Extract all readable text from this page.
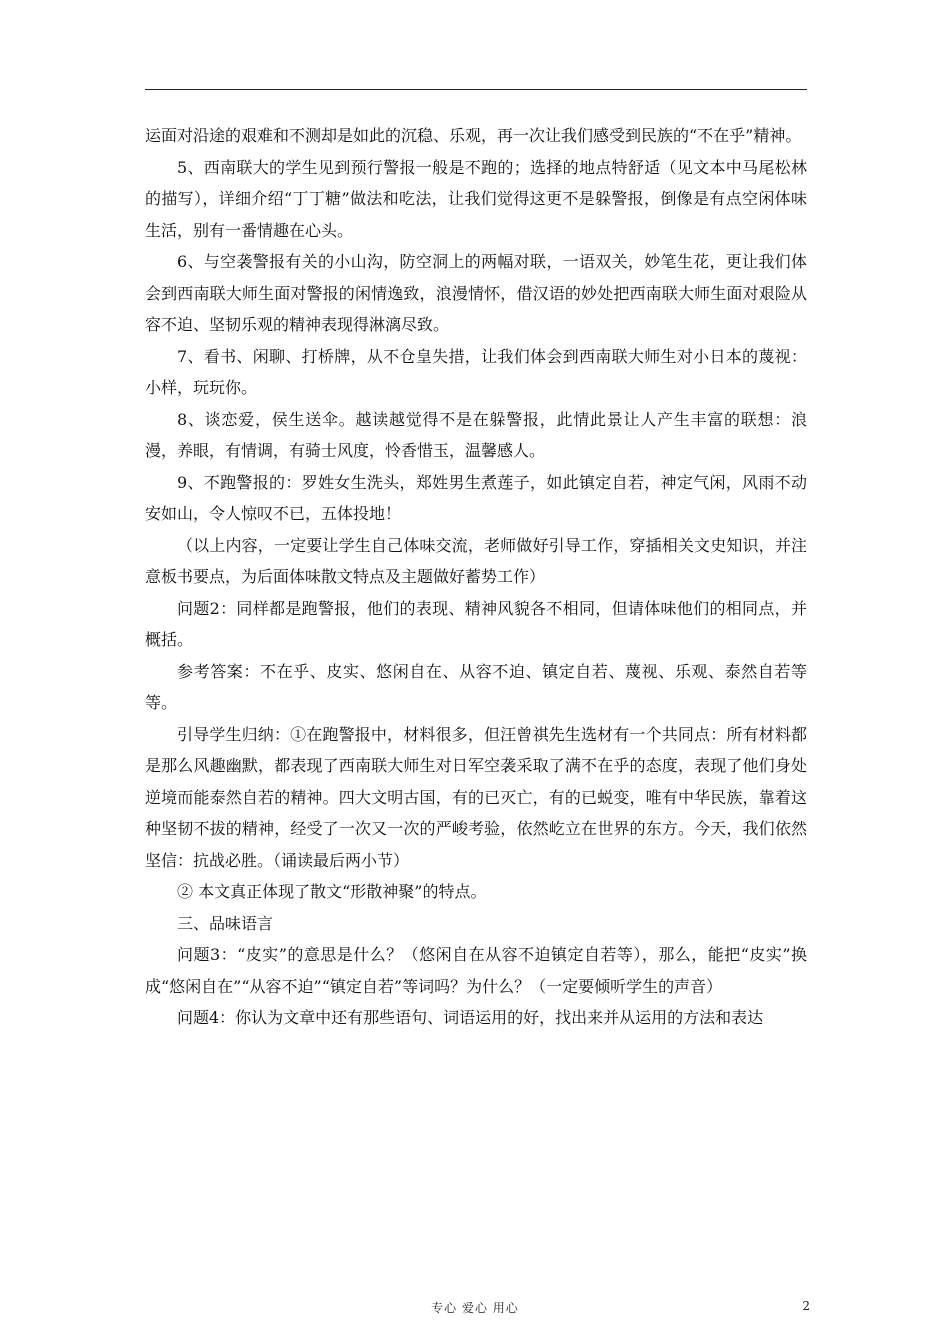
运面对沿途的艰难和不测却是如此的沉稳、乐观，再一次让我们感受到民族的“不在乎”精神。

5、西南联大的学生见到预行警报一般是不跑的；选择的地点特舒适（见文本中马尾松林的描写），详细介绍“丁丁糖”做法和吃法，让我们觉得这更不是躲警报，倒像是有点空闲体味生活，别有一番情趣在心头。

6、与空袭警报有关的小山沟，防空洞上的两幅对联，一语双关，妙笔生花，更让我们体会到西南联大师生面对警报的闲情逸致，浪漫情怀，借汉语的妙处把西南联大师生面对艰险从容不迫、坚韧乐观的精神表现得淋漓尽致。

7、看书、闲聊、打桥牌，从不仓皇失措，让我们体会到西南联大师生对小日本的蔑视：小样，玩玩你。

8、谈恋爱，侯生送伞。越读越觉得不是在躲警报，此情此景让人产生丰富的联想：浪漫，养眼，有情调，有骑士风度，怜香惜玉，温馨感人。

9、不跑警报的：罗姓女生洗头，郑姓男生煮莲子，如此镇定自若，神定气闲，风雨不动安如山，令人惊叹不已，五体投地！

（以上内容，一定要让学生自己体味交流，老师做好引导工作，穿插相关文史知识，并注意板书要点，为后面体味散文特点及主题做好蓄势工作）

问题2：同样都是跑警报，他们的表现、精神风貌各不相同，但请体味他们的相同点，并概括。

参考答案：不在乎、皮实、悠闲自在、从容不迫、镇定自若、蔑视、乐观、泰然自若等等。

引导学生归纳：①在跑警报中，材料很多，但汪曾祺先生选材有一个共同点：所有材料都是那么风趣幽默，都表现了西南联大师生对日军空袭采取了满不在乎的态度，表现了他们身处逆境而能泰然自若的精神。四大文明古国，有的已灭亡，有的已蜕变，唯有中华民族，靠着这种坚韧不拔的精神，经受了一次又一次的严峻考验，依然屹立在世界的东方。今天，我们依然坚信：抗战必胜。（诵读最后两小节）

② 本文真正体现了散文“形散神聚”的特点。

三、品味语言

问题3：“皮实”的意思是什么？（悠闲自在从容不迫镇定自若等），那么，能把“皮实”换成“悠闲自在”“从容不迫”“镇定自若”等词吗？为什么？（一定要倾听学生的声音）

问题4：你认为文章中还有那些语句、词语运用的好，找出来并从运用的方法和表达

专心 爱心 用心	2
